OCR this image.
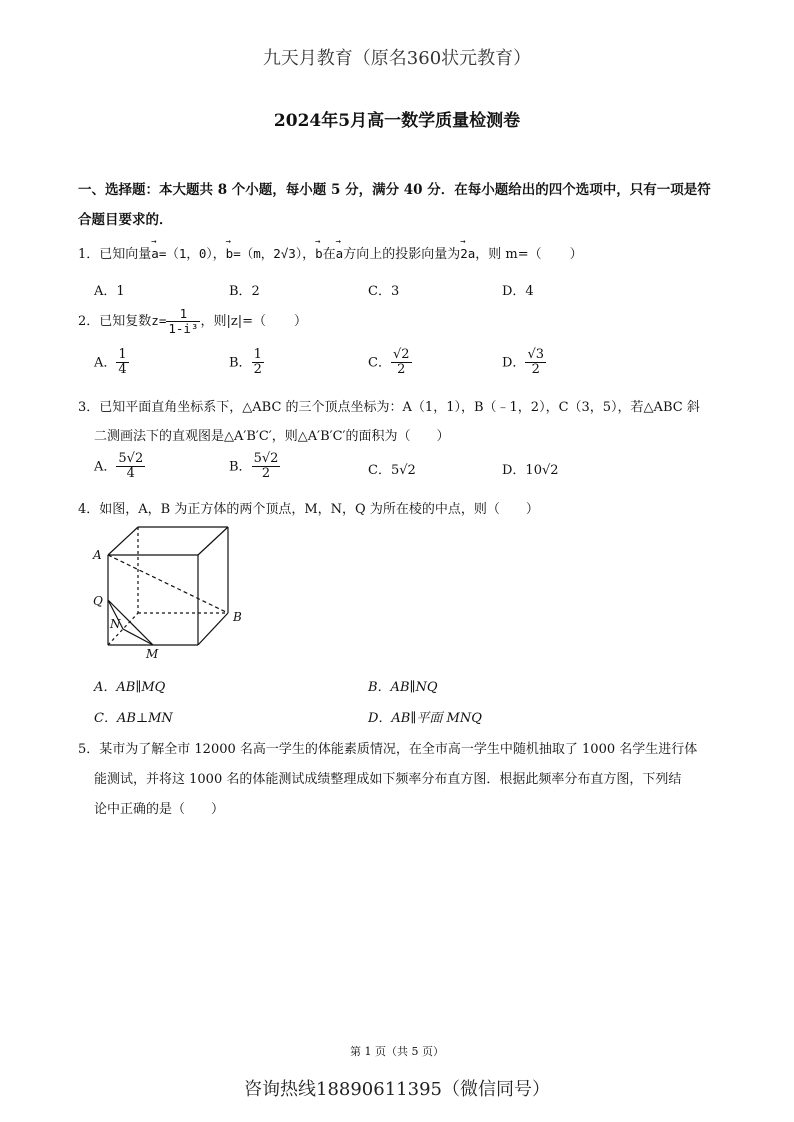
九天月教育（原名360状元教育）
2024年5月高一数学质量检测卷
一、选择题：本大题共 8 个小题，每小题 5 分，满分 40 分．在每小题给出的四个选项中，只有一项是符
合题目要求的．
1．已知向量→ a=（1，0），→ b=（m，2√3），→ b在→ a方向上的投影向量为→ 2a，则 m=（ ）
A．1	B．2	C．3	D．4
2．已知复数$z= \frac{1}{\text{1-i³}}$ ，则|z|=（ ）
A． $\frac{1}{4}$	B． $\frac{1}{2}$	C． $\frac{√2}{2}$	D． $\frac{√3}{2}$
3．已知平面直角坐标系下，△ABC 的三个顶点坐标为：A（1，1），B（﹣1，2），C（3，5），若△ABC 斜
二测画法下的直观图是△A′B′C′，则△A′B′C′的面积为（　　）
A． $\frac{5√2}{4}$	B． $\frac{5√2}{2}$	C．5√2	D．10√2
4．如图，A，B 为正方体的两个顶点，M，N，Q 为所在棱的中点，则（　　）
A
B
Q
N
M
A．AB∥MQ	B．AB∥NQ
C．AB⊥MN	D．AB∥平面 MNQ
5．某市为了解全市 12000 名高一学生的体能素质情况，在全市高一学生中随机抽取了 1000 名学生进行体
能测试，并将这 1000 名的体能测试成绩整理成如下频率分布直方图．根据此频率分布直方图，下列结
论中正确的是（　　）
第 1 页（共 5 页）
咨询热线18890611395（微信同号）
